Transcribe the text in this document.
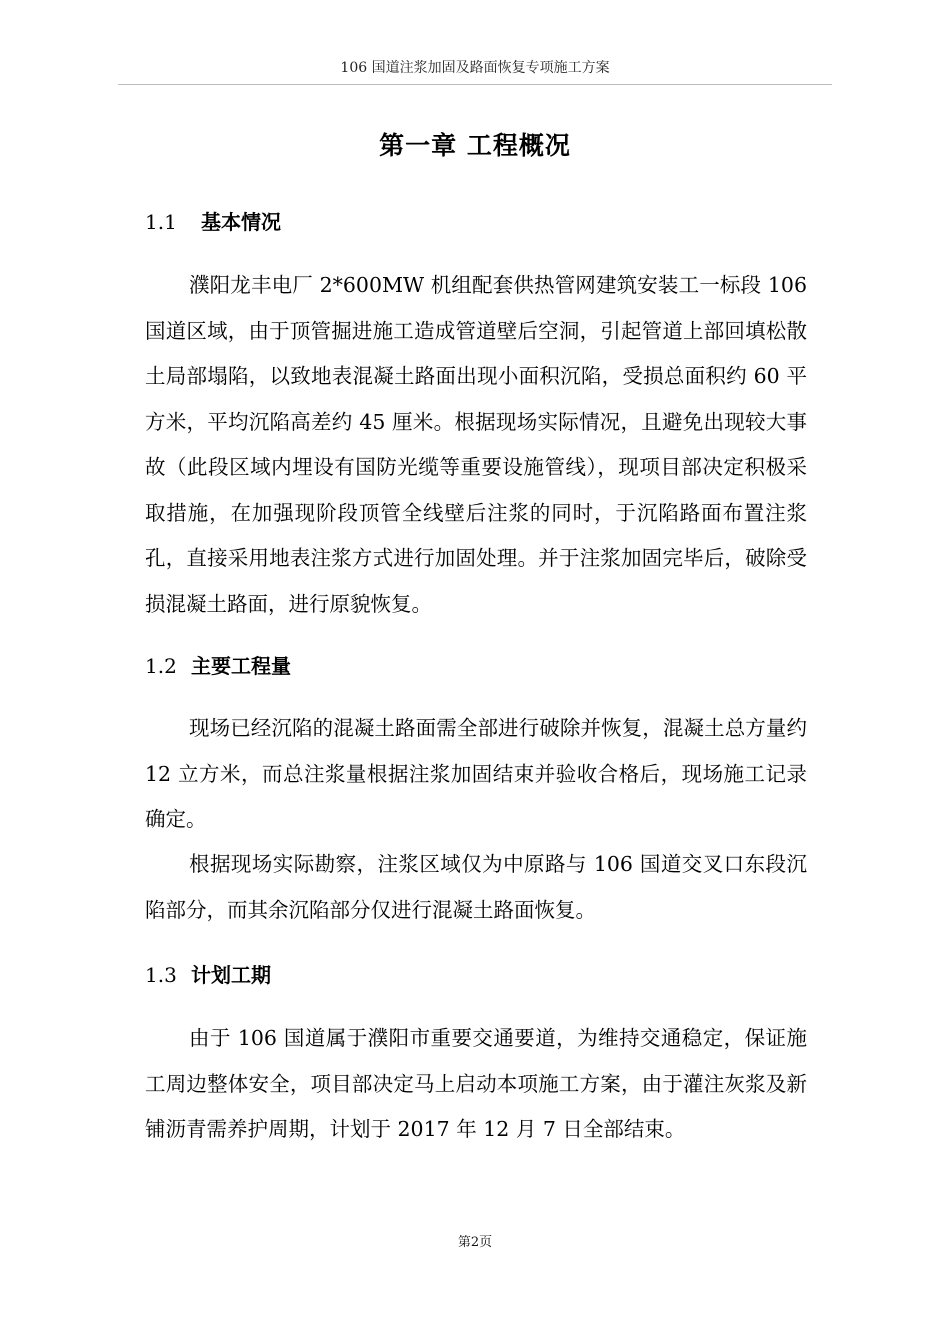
106 国道注浆加固及路面恢复专项施工方案
第一章 工程概况
1.1 基本情况

濮阳龙丰电厂 2*600MW 机组配套供热管网建筑安装工一标段 106 国道区域，由于顶管掘进施工造成管道壁后空洞，引起管道上部回填松散土局部塌陷，以致地表混凝土路面出现小面积沉陷，受损总面积约 60 平方米，平均沉陷高差约 45 厘米。根据现场实际情况，且避免出现较大事故（此段区域内埋设有国防光缆等重要设施管线），现项目部决定积极采取措施，在加强现阶段顶管全线壁后注浆的同时，于沉陷路面布置注浆孔，直接采用地表注浆方式进行加固处理。并于注浆加固完毕后，破除受损混凝土路面，进行原貌恢复。

1.2 主要工程量

现场已经沉陷的混凝土路面需全部进行破除并恢复，混凝土总方量约 12 立方米，而总注浆量根据注浆加固结束并验收合格后，现场施工记录确定。

根据现场实际勘察，注浆区域仅为中原路与 106 国道交叉口东段沉陷部分，而其余沉陷部分仅进行混凝土路面恢复。

1.3 计划工期

由于 106 国道属于濮阳市重要交通要道，为维持交通稳定，保证施工周边整体安全，项目部决定马上启动本项施工方案，由于灌注灰浆及新铺沥青需养护周期，计划于 2017 年 12 月 7 日全部结束。

第2页
